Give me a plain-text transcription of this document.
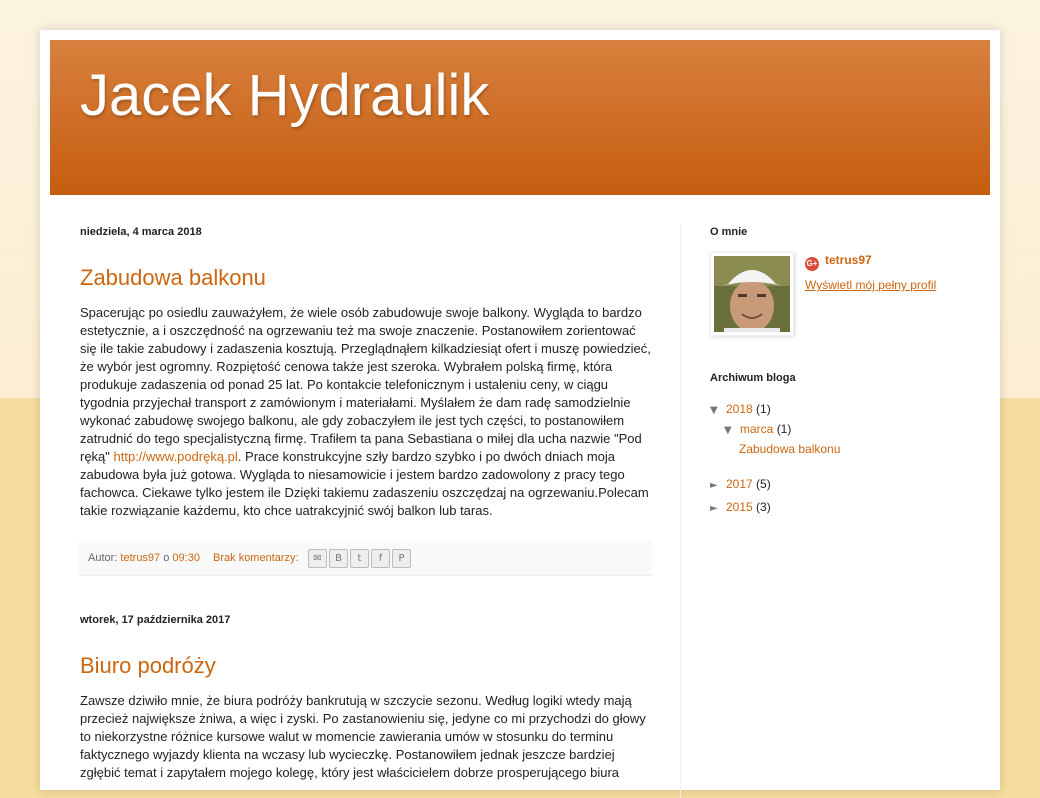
Jacek Hydraulik
niedziela, 4 marca 2018
Zabudowa balkonu
Spacerując po osiedlu zauważyłem, że wiele osób zabudowuje swoje balkony. Wygląda to bardzo estetycznie, a i oszczędność na ogrzewaniu też ma swoje znaczenie. Postanowiłem zorientować się ile takie zabudowy i zadaszenia kosztują. Przeglądnąłem kilkadziesiąt ofert i muszę powiedzieć, że wybór jest ogromny. Rozpiętość cenowa także jest szeroka. Wybrałem polską firmę, która produkuje zadaszenia od ponad 25 lat. Po kontakcie telefonicznym i ustaleniu ceny, w ciągu tygodnia przyjechał transport z zamówionym i materiałami. Myślałem że dam radę samodzielnie wykonać zabudowę swojego balkonu, ale gdy zobaczyłem ile jest tych części, to postanowiłem zatrudnić do tego specjalistyczną firmę. Trafiłem ta pana Sebastiana o miłej dla ucha nazwie "Pod ręką" http://www.podręką.pl. Prace konstrukcyjne szły bardzo szybko i po dwóch dniach moja zabudowa była już gotowa. Wygląda to niesamowicie i jestem bardzo zadowolony z pracy tego fachowca. Ciekawe tylko jestem ile Dzięki takiemu zadaszeniu oszczędzaj na ogrzewaniu.Polecam takie rozwiązanie każdemu, kto chce uatrakcyjnić swój balkon lub taras.
Autor: tetrus97 o 09:30 Brak komentarzy:	✉	B	t	f	P
wtorek, 17 października 2017
Biuro podróży
Zawsze dziwiło mnie, że biura podróży bankrutują w szczycie sezonu. Według logiki wtedy mają przecież największe żniwa, a więc i zyski. Po zastanowieniu się, jedyne co mi przychodzi do głowy to niekorzystne różnice kursowe walut w momencie zawierania umów w stosunku do terminu faktycznego wyjazdy klienta na wczasy lub wycieczkę. Postanowiłem jednak jeszcze bardziej zgłębić temat i zapytałem mojego kolegę, który jest właścicielem dobrze prosperującego biura
O mnie
G+ tetrus97
Wyświetl mój pełny profil
Archiwum bloga
▼ 2018 (1)
▼ marca (1)
Zabudowa balkonu
► 2017 (5)
► 2015 (3)
